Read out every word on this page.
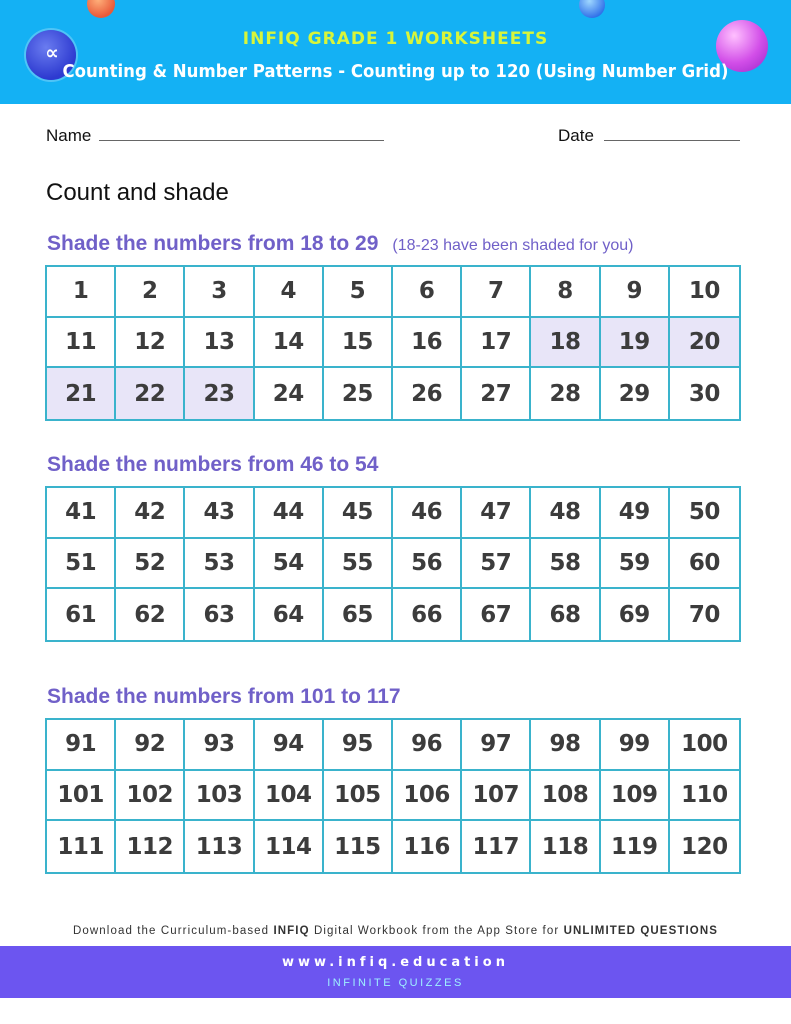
∝
INFIQ GRADE 1 WORKSHEETS
Counting & Number Patterns - Counting up to 120 (Using Number Grid)
Name	Date
Count and shade
Shade the numbers from 18 to 29 (18-23 have been shaded for you)
1	2	3	4	5	6	7	8	9	10
11	12	13	14	15	16	17	18	19	20
21	22	23	24	25	26	27	28	29	30
Shade the numbers from 46 to 54
41	42	43	44	45	46	47	48	49	50
51	52	53	54	55	56	57	58	59	60
61	62	63	64	65	66	67	68	69	70
Shade the numbers from 101 to 117
91	92	93	94	95	96	97	98	99	100
101 102 103 104 105 106 107 108 109	110
111 112 113 114 115 116 117 118 119	120
Download the Curriculum-based INFIQ Digital Workbook from the App Store for UNLIMITED QUESTIONS
www.infiq.education
INFINITE QUIZZES
